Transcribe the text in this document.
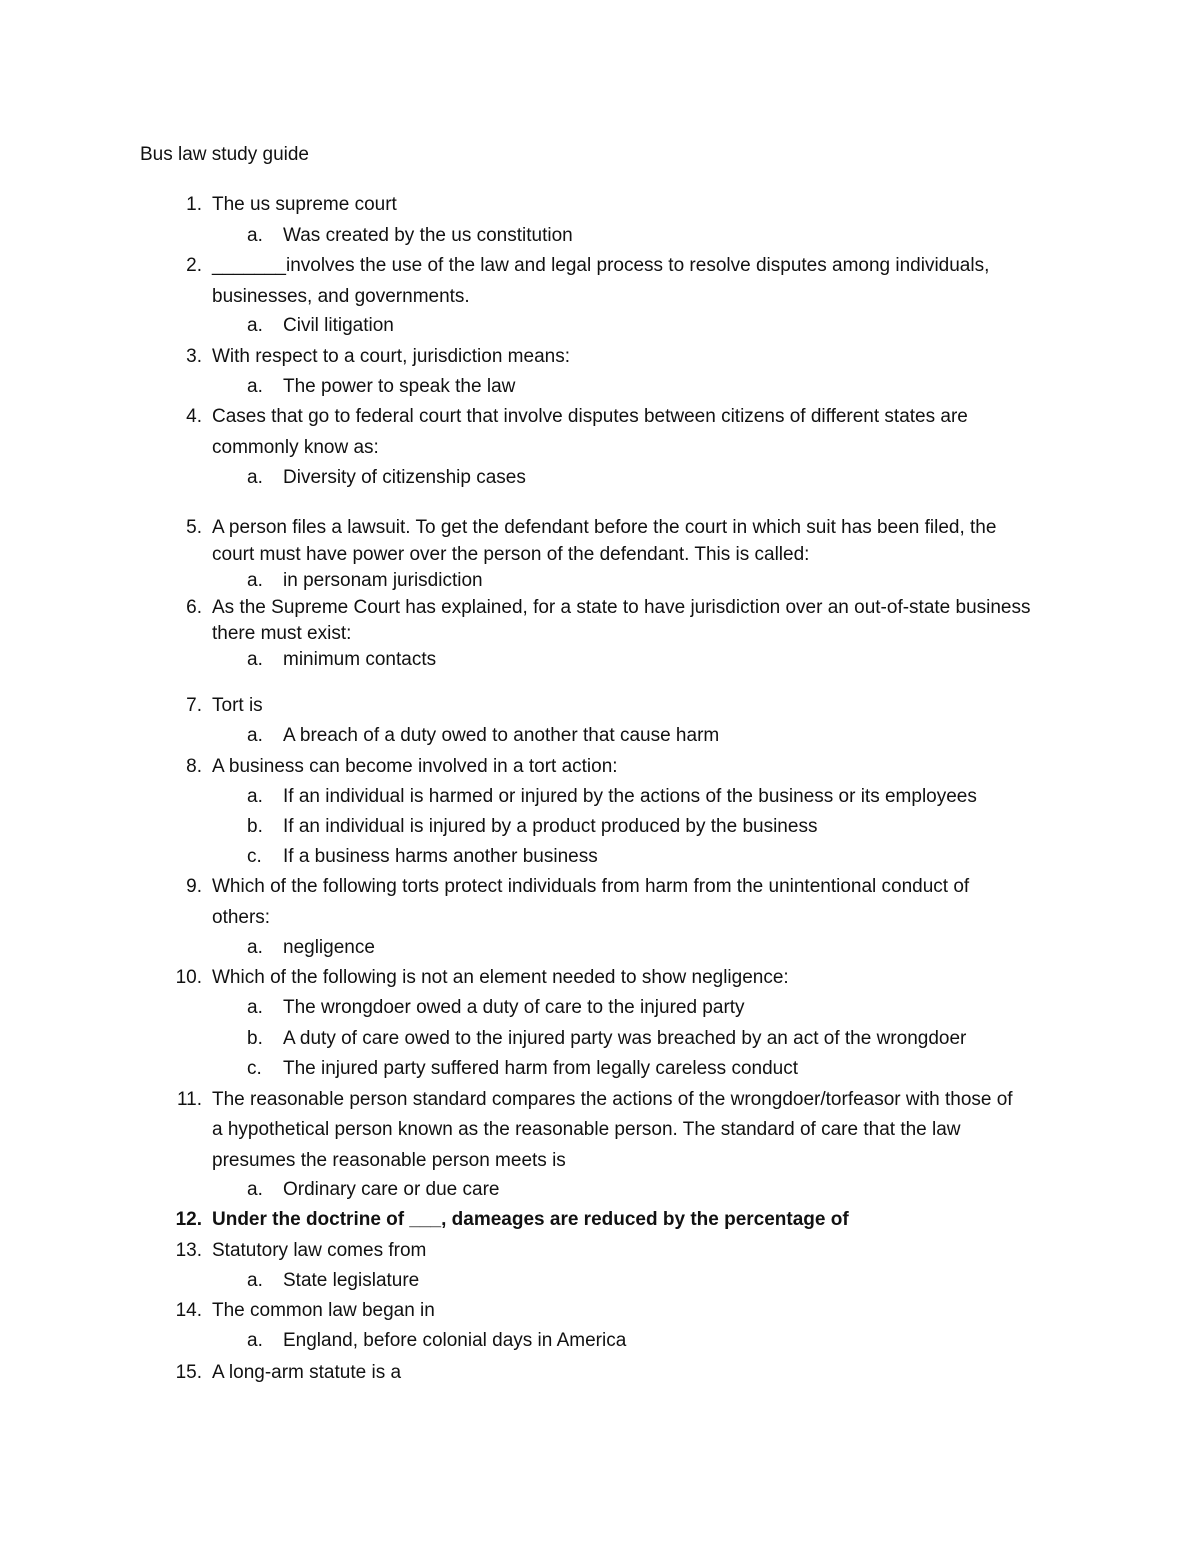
Bus law study guide
1. The us supreme court
a. Was created by the us constitution
2. _______involves the use of the law and legal process to resolve disputes among individuals,
businesses, and governments.
a. Civil litigation
3. With respect to a court, jurisdiction means:
a. The power to speak the law
4. Cases that go to federal court that involve disputes between citizens of different states are
commonly know as:
a. Diversity of citizenship cases
5. A person files a lawsuit. To get the defendant before the court in which suit has been filed, the
court must have power over the person of the defendant. This is called:
a. in personam jurisdiction
6. As the Supreme Court has explained, for a state to have jurisdiction over an out-of-state business
there must exist:
a. minimum contacts
7. Tort is
a. A breach of a duty owed to another that cause harm
8. A business can become involved in a tort action:
a. If an individual is harmed or injured by the actions of the business or its employees
b. If an individual is injured by a product produced by the business
c. If a business harms another business
9. Which of the following torts protect individuals from harm from the unintentional conduct of
others:
a. negligence
10. Which of the following is not an element needed to show negligence:
a. The wrongdoer owed a duty of care to the injured party
b. A duty of care owed to the injured party was breached by an act of the wrongdoer
c. The injured party suffered harm from legally careless conduct
11. The reasonable person standard compares the actions of the wrongdoer/torfeasor with those of
a hypothetical person known as the reasonable person. The standard of care that the law
presumes the reasonable person meets is
a. Ordinary care or due care
12. Under the doctrine of ___, dameages are reduced by the percentage of
13. Statutory law comes from
a. State legislature
14. The common law began in
a. England, before colonial days in America
15. A long-arm statute is a
